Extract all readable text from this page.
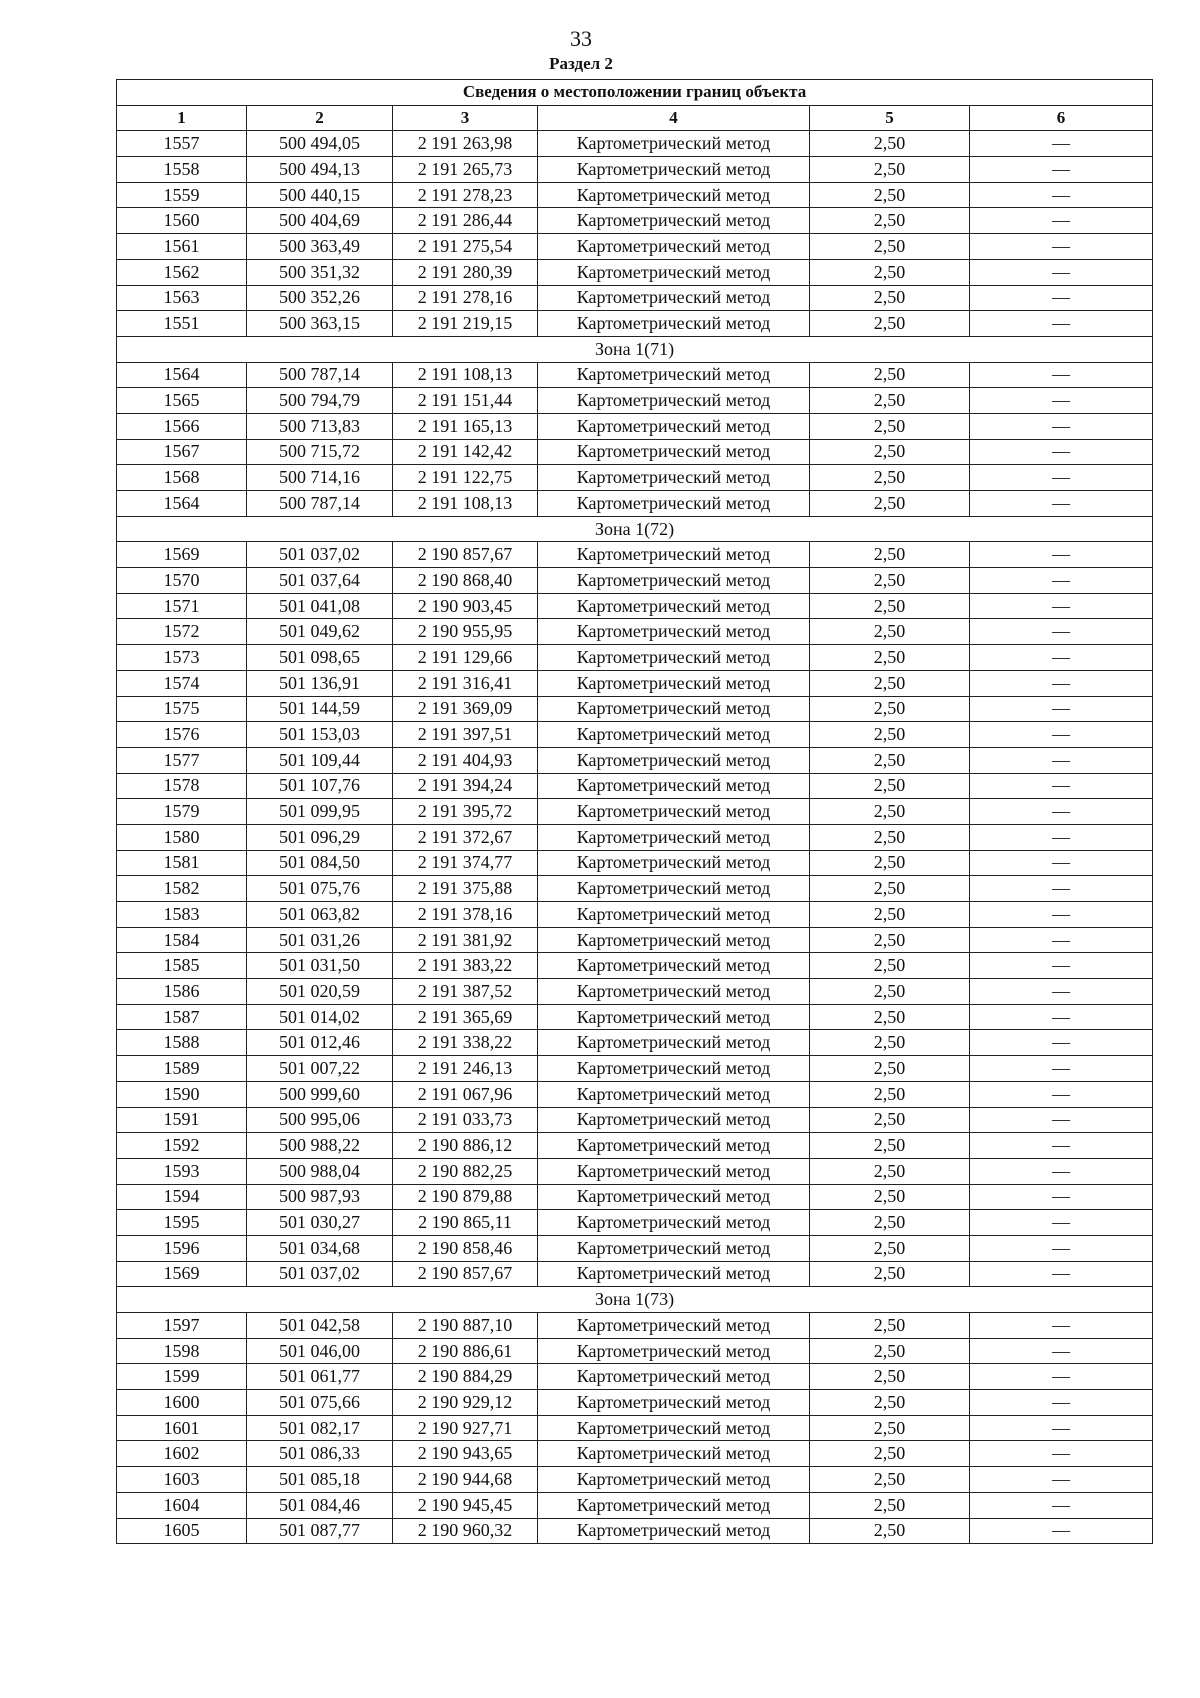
33
Раздел 2
Сведения о местоположении границ объекта					
1	2	3	4	5	6
1557	500 494,05	2 191 263,98	Картометрический метод	2,50	—
1558	500 494,13	2 191 265,73	Картометрический метод	2,50	—
1559	500 440,15	2 191 278,23	Картометрический метод	2,50	—
1560	500 404,69	2 191 286,44	Картометрический метод	2,50	—
1561	500 363,49	2 191 275,54	Картометрический метод	2,50	—
1562	500 351,32	2 191 280,39	Картометрический метод	2,50	—
1563	500 352,26	2 191 278,16	Картометрический метод	2,50	—
1551	500 363,15	2 191 219,15	Картометрический метод	2,50	—
Зона 1(71)					
1564	500 787,14	2 191 108,13	Картометрический метод	2,50	—
1565	500 794,79	2 191 151,44	Картометрический метод	2,50	—
1566	500 713,83	2 191 165,13	Картометрический метод	2,50	—
1567	500 715,72	2 191 142,42	Картометрический метод	2,50	—
1568	500 714,16	2 191 122,75	Картометрический метод	2,50	—
1564	500 787,14	2 191 108,13	Картометрический метод	2,50	—
Зона 1(72)					
1569	501 037,02	2 190 857,67	Картометрический метод	2,50	—
1570	501 037,64	2 190 868,40	Картометрический метод	2,50	—
1571	501 041,08	2 190 903,45	Картометрический метод	2,50	—
1572	501 049,62	2 190 955,95	Картометрический метод	2,50	—
1573	501 098,65	2 191 129,66	Картометрический метод	2,50	—
1574	501 136,91	2 191 316,41	Картометрический метод	2,50	—
1575	501 144,59	2 191 369,09	Картометрический метод	2,50	—
1576	501 153,03	2 191 397,51	Картометрический метод	2,50	—
1577	501 109,44	2 191 404,93	Картометрический метод	2,50	—
1578	501 107,76	2 191 394,24	Картометрический метод	2,50	—
1579	501 099,95	2 191 395,72	Картометрический метод	2,50	—
1580	501 096,29	2 191 372,67	Картометрический метод	2,50	—
1581	501 084,50	2 191 374,77	Картометрический метод	2,50	—
1582	501 075,76	2 191 375,88	Картометрический метод	2,50	—
1583	501 063,82	2 191 378,16	Картометрический метод	2,50	—
1584	501 031,26	2 191 381,92	Картометрический метод	2,50	—
1585	501 031,50	2 191 383,22	Картометрический метод	2,50	—
1586	501 020,59	2 191 387,52	Картометрический метод	2,50	—
1587	501 014,02	2 191 365,69	Картометрический метод	2,50	—
1588	501 012,46	2 191 338,22	Картометрический метод	2,50	—
1589	501 007,22	2 191 246,13	Картометрический метод	2,50	—
1590	500 999,60	2 191 067,96	Картометрический метод	2,50	—
1591	500 995,06	2 191 033,73	Картометрический метод	2,50	—
1592	500 988,22	2 190 886,12	Картометрический метод	2,50	—
1593	500 988,04	2 190 882,25	Картометрический метод	2,50	—
1594	500 987,93	2 190 879,88	Картометрический метод	2,50	—
1595	501 030,27	2 190 865,11	Картометрический метод	2,50	—
1596	501 034,68	2 190 858,46	Картометрический метод	2,50	—
1569	501 037,02	2 190 857,67	Картометрический метод	2,50	—
Зона 1(73)					
1597	501 042,58	2 190 887,10	Картометрический метод	2,50	—
1598	501 046,00	2 190 886,61	Картометрический метод	2,50	—
1599	501 061,77	2 190 884,29	Картометрический метод	2,50	—
1600	501 075,66	2 190 929,12	Картометрический метод	2,50	—
1601	501 082,17	2 190 927,71	Картометрический метод	2,50	—
1602	501 086,33	2 190 943,65	Картометрический метод	2,50	—
1603	501 085,18	2 190 944,68	Картометрический метод	2,50	—
1604	501 084,46	2 190 945,45	Картометрический метод	2,50	—
1605	501 087,77	2 190 960,32	Картометрический метод	2,50	—
